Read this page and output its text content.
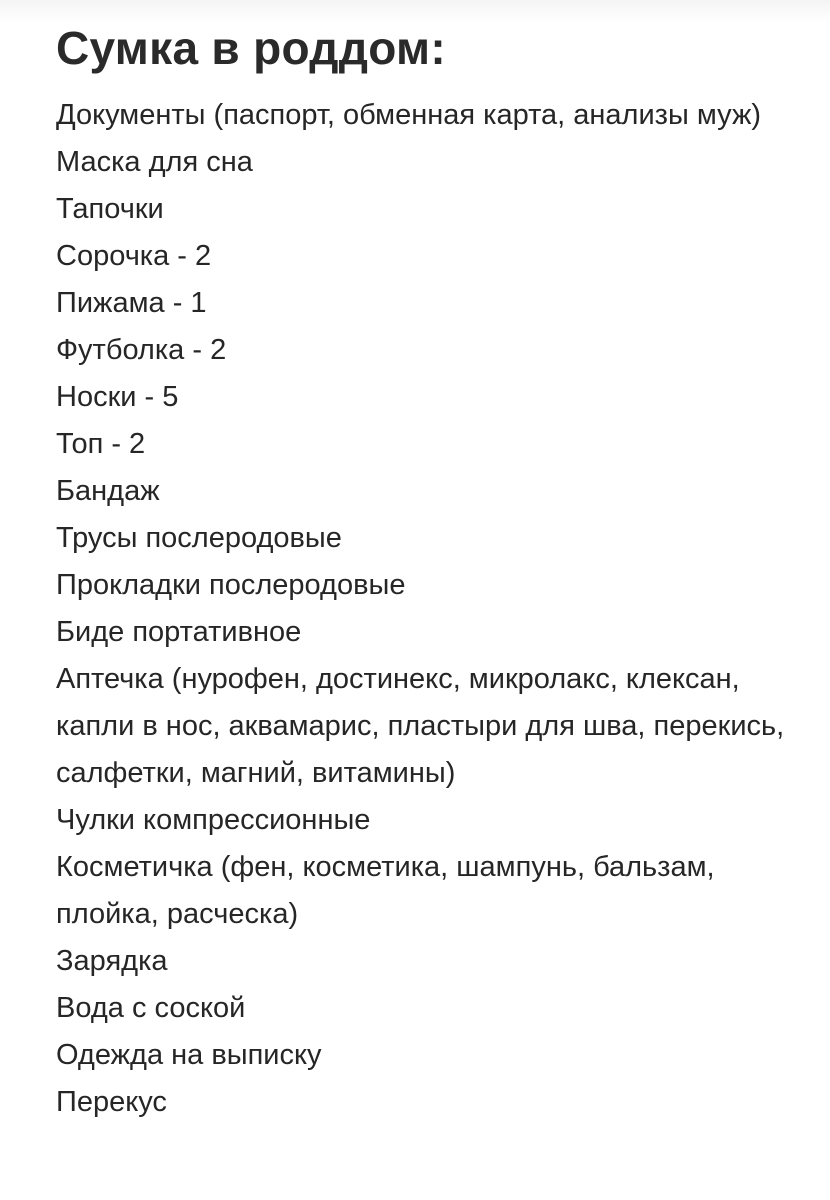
Сумка в роддом:
Документы (паспорт, обменная карта, анализы муж)
Маска для сна
Тапочки
Сорочка - 2
Пижама - 1
Футболка - 2
Носки - 5
Топ - 2
Бандаж
Трусы послеродовые
Прокладки послеродовые
Биде портативное
Аптечка (нурофен, достинекс, микролакс, клексан, капли в нос, аквамарис, пластыри для шва, перекись, салфетки, магний, витамины)
Чулки компрессионные
Косметичка (фен, косметика, шампунь, бальзам, плойка, расческа)
Зарядка
Вода с соской
Одежда на выписку
Перекус
